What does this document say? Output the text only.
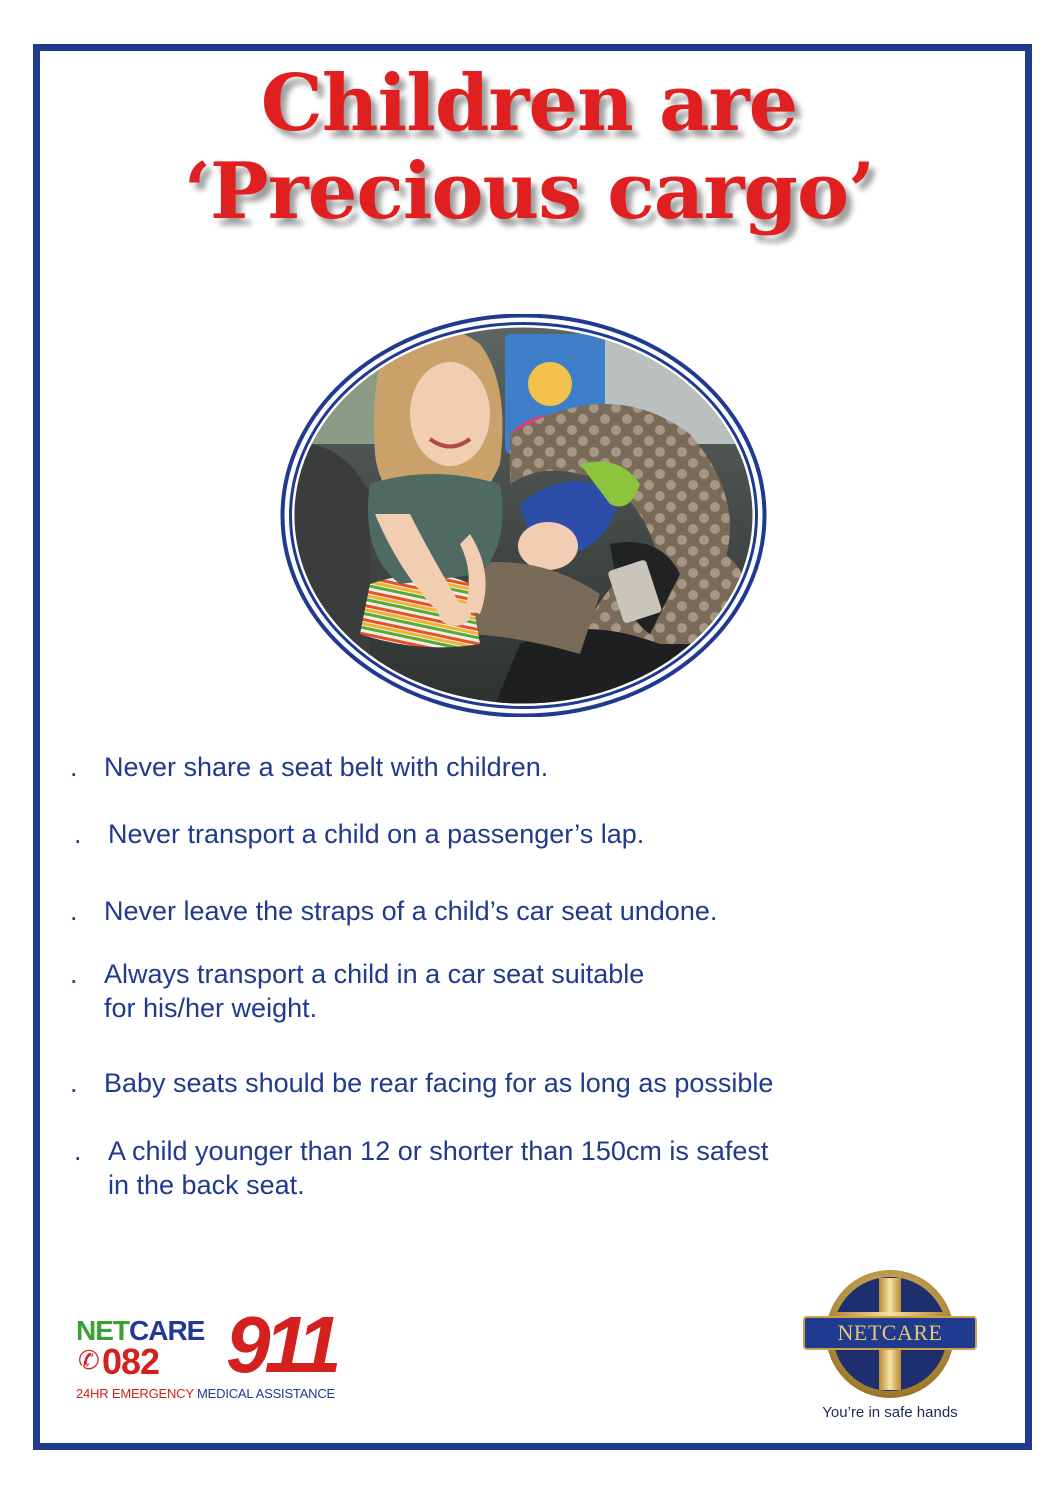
Children are
‘Precious cargo’
. Never share a seat belt with children.
. Never transport a child on a passenger’s lap.
. Never leave the straps of a child’s car seat undone.
. Always transport a child in a car seat suitable
for his/her weight.
. Baby seats should be rear facing for as long as possible
. A child younger than 12 or shorter than 150cm is safest
in the back seat.
NETCARE
✆ 082 911
24HR EMERGENCY MEDICAL ASSISTANCE
NETCARE
You’re in safe hands
